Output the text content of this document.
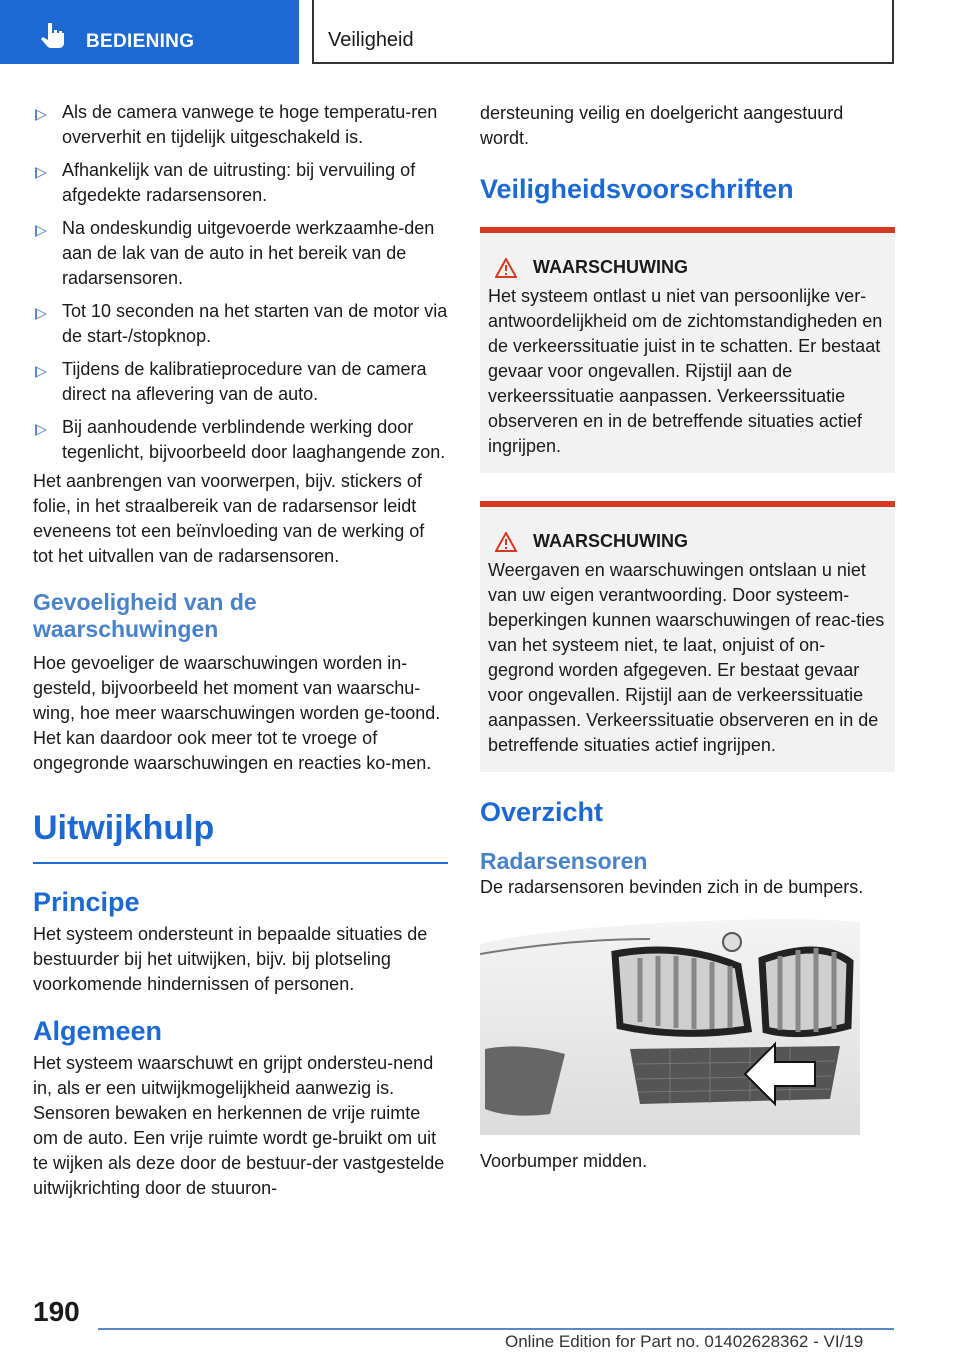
BEDIENING	Veiligheid
Als de camera vanwege te hoge temperatu-ren oververhit en tijdelijk uitgeschakeld is.
Afhankelijk van de uitrusting: bij vervuiling of afgedekte radarsensoren.
Na ondeskundig uitgevoerde werkzaamhe-den aan de lak van de auto in het bereik van de radarsensoren.
Tot 10 seconden na het starten van de motor via de start-/stopknop.
Tijdens de kalibratieprocedure van de camera direct na aflevering van de auto.
Bij aanhoudende verblindende werking door tegenlicht, bijvoorbeeld door laaghangende zon.

Het aanbrengen van voorwerpen, bijv. stickers of folie, in het straalbereik van de radarsensor leidt eveneens tot een beïnvloeding van de werking of tot het uitvallen van de radarsensoren.

Gevoeligheid van de waarschuwingen

Hoe gevoeliger de waarschuwingen worden in-gesteld, bijvoorbeeld het moment van waarschu-wing, hoe meer waarschuwingen worden ge-toond. Het kan daardoor ook meer tot te vroege of ongegronde waarschuwingen en reacties ko-men.

Uitwijkhulp

Principe

Het systeem ondersteunt in bepaalde situaties de bestuurder bij het uitwijken, bijv. bij plotseling voorkomende hindernissen of personen.

Algemeen

Het systeem waarschuwt en grijpt ondersteu-nend in, als er een uitwijkmogelijkheid aanwezig is. Sensoren bewaken en herkennen de vrije ruimte om de auto. Een vrije ruimte wordt ge-bruikt om uit te wijken als deze door de bestuur-der vastgestelde uitwijkrichting door de stuuron-

dersteuning veilig en doelgericht aangestuurd wordt.

Veiligheidsvoorschriften

WAARSCHUWING

Het systeem ontlast u niet van persoonlijke ver-antwoordelijkheid om de zichtomstandigheden en de verkeerssituatie juist in te schatten. Er bestaat gevaar voor ongevallen. Rijstijl aan de verkeerssituatie aanpassen. Verkeerssituatie observeren en in de betreffende situaties actief ingrijpen.

WAARSCHUWING

Weergaven en waarschuwingen ontslaan u niet van uw eigen verantwoording. Door systeem-beperkingen kunnen waarschuwingen of reac-ties van het systeem niet, te laat, onjuist of on-gegrond worden afgegeven. Er bestaat gevaar voor ongevallen. Rijstijl aan de verkeerssituatie aanpassen. Verkeerssituatie observeren en in de betreffende situaties actief ingrijpen.

Overzicht

Radarsensoren

De radarsensoren bevinden zich in de bumpers.

Voorbumper midden.

190
Online Edition for Part no. 01402628362 - VI/19
